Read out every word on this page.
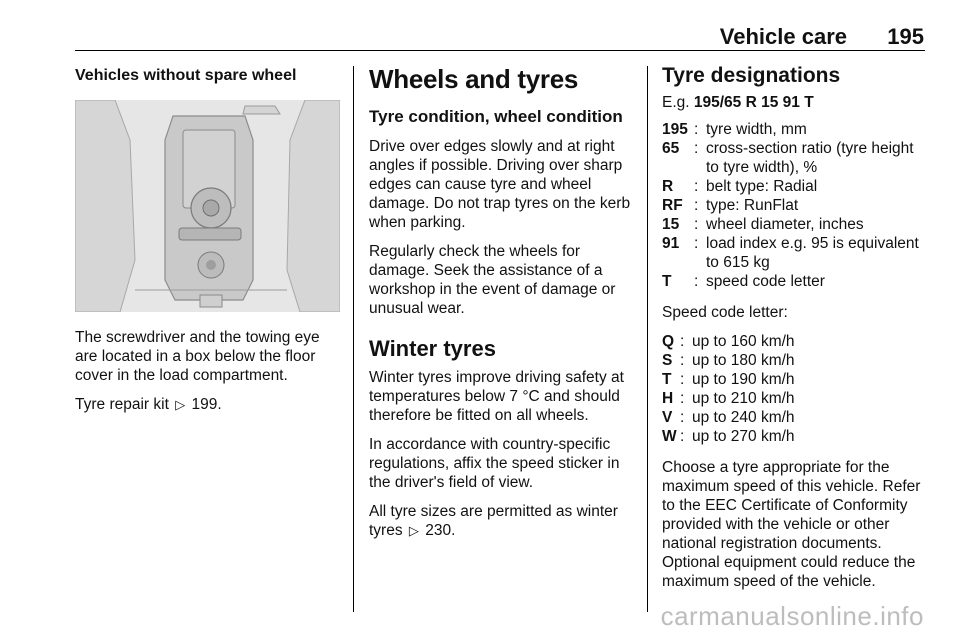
Vehicle care 195
Vehicles without spare wheel

The screwdriver and the towing eye are located in a box below the floor cover in the load compartment.

Tyre repair kit ▷ 199.

Wheels and tyres
Tyre condition, wheel condition

Drive over edges slowly and at right angles if possible. Driving over sharp edges can cause tyre and wheel damage. Do not trap tyres on the kerb when parking.

Regularly check the wheels for damage. Seek the assistance of a workshop in the event of damage or unusual wear.

Winter tyres

Winter tyres improve driving safety at temperatures below 7 °C and should therefore be fitted on all wheels.

In accordance with country-specific regulations, affix the speed sticker in the driver's field of view.

All tyre sizes are permitted as winter tyres ▷ 230.

Tyre designations
E.g. 195/65 R 15 91 T
195 : tyre width, mm
65 : cross-section ratio (tyre height to tyre width), %
R	: belt type: Radial
RF : type: RunFlat
15 : wheel diameter, inches
91 : load index e.g. 95 is equivalent to 615 kg
T	: speed code letter

Speed code letter:

Q : up to 160 km/h
S : up to 180 km/h
T : up to 190 km/h
H : up to 210 km/h
V : up to 240 km/h
W : up to 270 km/h

Choose a tyre appropriate for the maximum speed of this vehicle. Refer to the EEC Certificate of Conformity provided with the vehicle or other national registration documents. Optional equipment could reduce the maximum speed of the vehicle.

carmanualsonline.info
